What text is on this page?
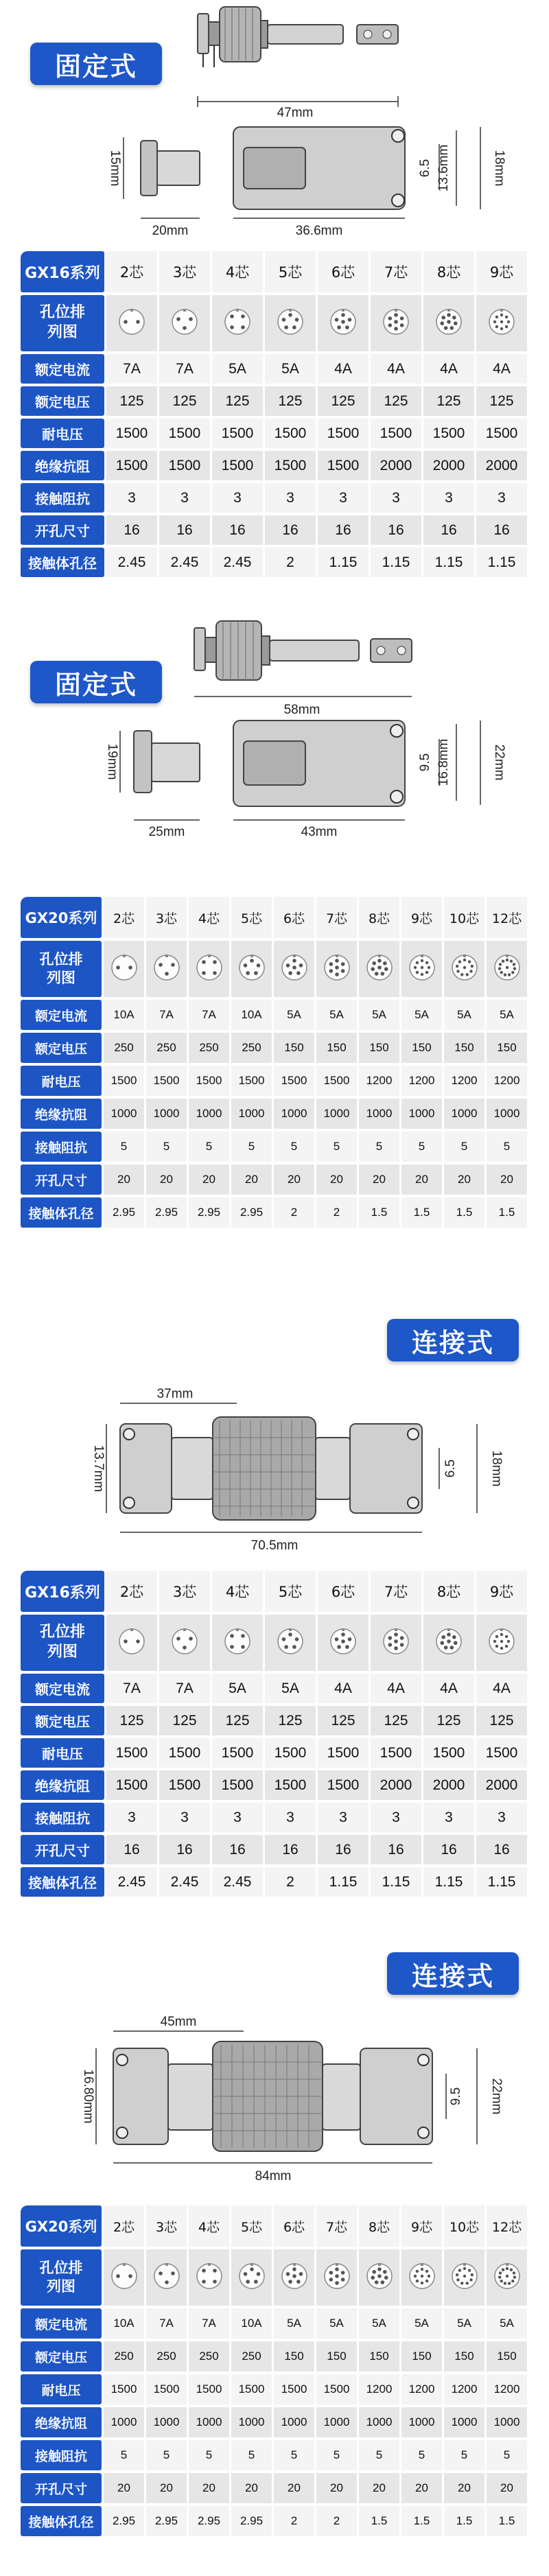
固定式
47mm
15mm
20mm	36.6mm
6.5 13.6mm	18mm
GX16系列	2芯	3芯	4芯	5芯	6芯	7芯	8芯	9芯
孔位排列图								
额定电流	7A	7A	5A	5A	4A	4A	4A	4A
额定电压	125	125	125	125	125	125	125	125
耐电压	1500	1500	1500	1500	1500	1500	1500	1500
绝缘抗阻	1500	1500	1500	1500	1500	2000	2000	2000
接触阻抗	3	3	3	3	3	3	3	3
开孔尺寸	16	16	16	16	16	16	16	16
接触体孔径	2.45	2.45	2.45	2	1.15	1.15	1.15	1.15
固定式
58mm
19mm
25mm	43mm
9.5 16.8mm	22mm
GX20系列	2芯	3芯	4芯	5芯	6芯	7芯	8芯	9芯	10芯	12芯
孔位排列图										
额定电流	10A	7A	7A	10A	5A	5A	5A	5A	5A	5A
额定电压	250	250	250	250	150	150	150	150	150	150
耐电压	1500	1500	1500	1500	1500	1500	1200	1200	1200	1200
绝缘抗阻	1000	1000	1000	1000	1000	1000	1000	1000	1000	1000
接触阻抗	5	5	5	5	5	5	5	5	5	5
开孔尺寸	20	20	20	20	20	20	20	20	20	20
接触体孔径	2.95	2.95	2.95	2.95	2	2	1.5	1.5	1.5	1.5
连接式
37mm
13.7mm
70.5mm
6.5 18mm
GX16系列	2芯	3芯	4芯	5芯	6芯	7芯	8芯	9芯
孔位排列图								
额定电流	7A	7A	5A	5A	4A	4A	4A	4A
额定电压	125	125	125	125	125	125	125	125
耐电压	1500	1500	1500	1500	1500	1500	1500	1500
绝缘抗阻	1500	1500	1500	1500	1500	2000	2000	2000
接触阻抗	3	3	3	3	3	3	3	3
开孔尺寸	16	16	16	16	16	16	16	16
接触体孔径	2.45	2.45	2.45	2	1.15	1.15	1.15	1.15
连接式
45mm
16.80mm
84mm
9.5 22mm
GX20系列	2芯	3芯	4芯	5芯	6芯	7芯	8芯	9芯	10芯	12芯
孔位排列图										
额定电流	10A	7A	7A	10A	5A	5A	5A	5A	5A	5A
额定电压	250	250	250	250	150	150	150	150	150	150
耐电压	1500	1500	1500	1500	1500	1500	1200	1200	1200	1200
绝缘抗阻	1000	1000	1000	1000	1000	1000	1000	1000	1000	1000
接触阻抗	5	5	5	5	5	5	5	5	5	5
开孔尺寸	20	20	20	20	20	20	20	20	20	20
接触体孔径	2.95	2.95	2.95	2.95	2	2	1.5	1.5	1.5	1.5
